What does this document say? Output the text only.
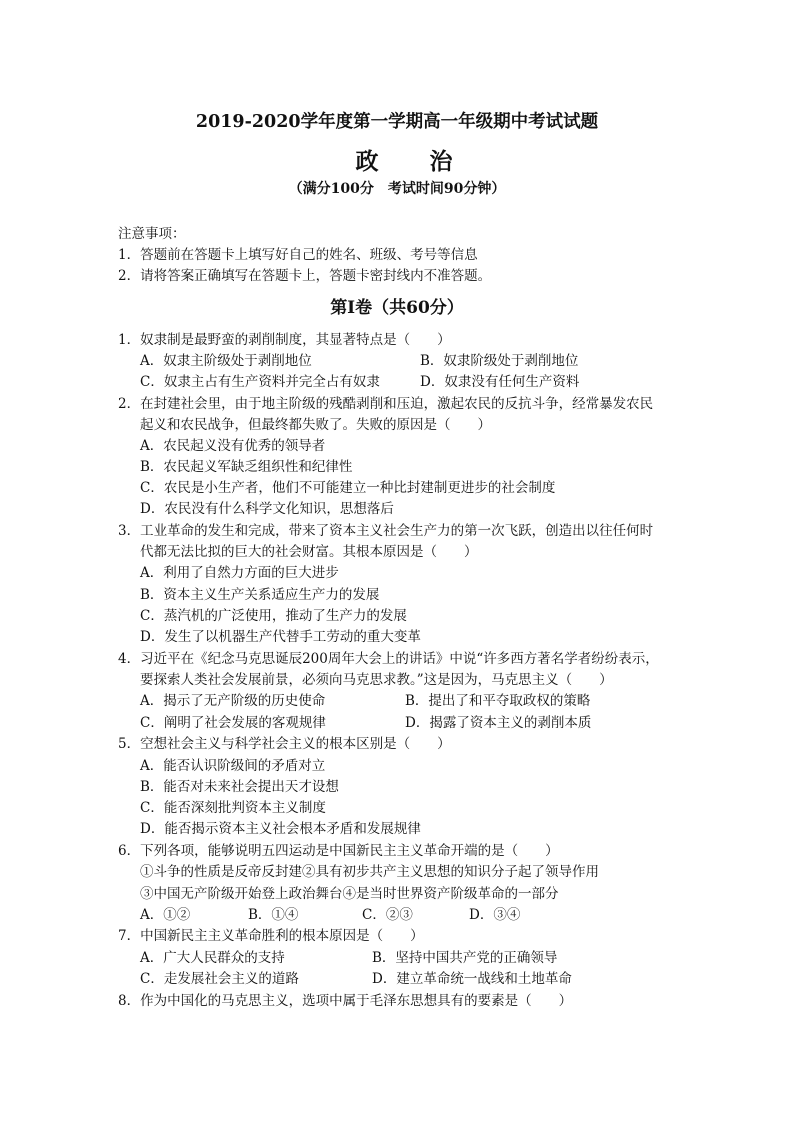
2019-2020学年度第一学期高一年级期中考试试题
政　治
（满分100分　考试时间90分钟）
注意事项：
1．答题前在答题卡上填写好自己的姓名、班级、考号等信息
2．请将答案正确填写在答题卡上，答题卡密封线内不准答题。
第Ⅰ卷（共60分）
1．奴隶制是最野蛮的剥削制度，其显著特点是（　　）
A．奴隶主阶级处于剥削地位	B．奴隶阶级处于剥削地位
C．奴隶主占有生产资料并完全占有奴隶	D．奴隶没有任何生产资料
2．在封建社会里，由于地主阶级的残酷剥削和压迫，激起农民的反抗斗争，经常暴发农民
起义和农民战争，但最终都失败了。失败的原因是（　　）
A．农民起义没有优秀的领导者
B．农民起义军缺乏组织性和纪律性
C．农民是小生产者，他们不可能建立一种比封建制更进步的社会制度
D．农民没有什么科学文化知识，思想落后
3．工业革命的发生和完成，带来了资本主义社会生产力的第一次飞跃，创造出以往任何时
代都无法比拟的巨大的社会财富。其根本原因是（　　）
A．利用了自然力方面的巨大进步
B．资本主义生产关系适应生产力的发展
C．蒸汽机的广泛使用，推动了生产力的发展
D．发生了以机器生产代替手工劳动的重大变革
4．习近平在《纪念马克思诞辰200周年大会上的讲话》中说“许多西方著名学者纷纷表示，
要探索人类社会发展前景，必须向马克思求教。”这是因为，马克思主义（　　）
A．揭示了无产阶级的历史使命	B．提出了和平夺取政权的策略
C．阐明了社会发展的客观规律	D．揭露了资本主义的剥削本质
5．空想社会主义与科学社会主义的根本区别是（　　）
A．能否认识阶级间的矛盾对立
B．能否对未来社会提出天才设想
C．能否深刻批判资本主义制度
D．能否揭示资本主义社会根本矛盾和发展规律
6．下列各项，能够说明五四运动是中国新民主主义革命开端的是（　　）
①斗争的性质是反帝反封建②具有初步共产主义思想的知识分子起了领导作用
③中国无产阶级开始登上政治舞台④是当时世界资产阶级革命的一部分
A．①②	B．①④	C．②③	D．③④
7．中国新民主主义革命胜利的根本原因是（　　）
A．广大人民群众的支持	B．坚持中国共产党的正确领导
C．走发展社会主义的道路	D．建立革命统一战线和土地革命
8．作为中国化的马克思主义，选项中属于毛泽东思想具有的要素是（　　）
